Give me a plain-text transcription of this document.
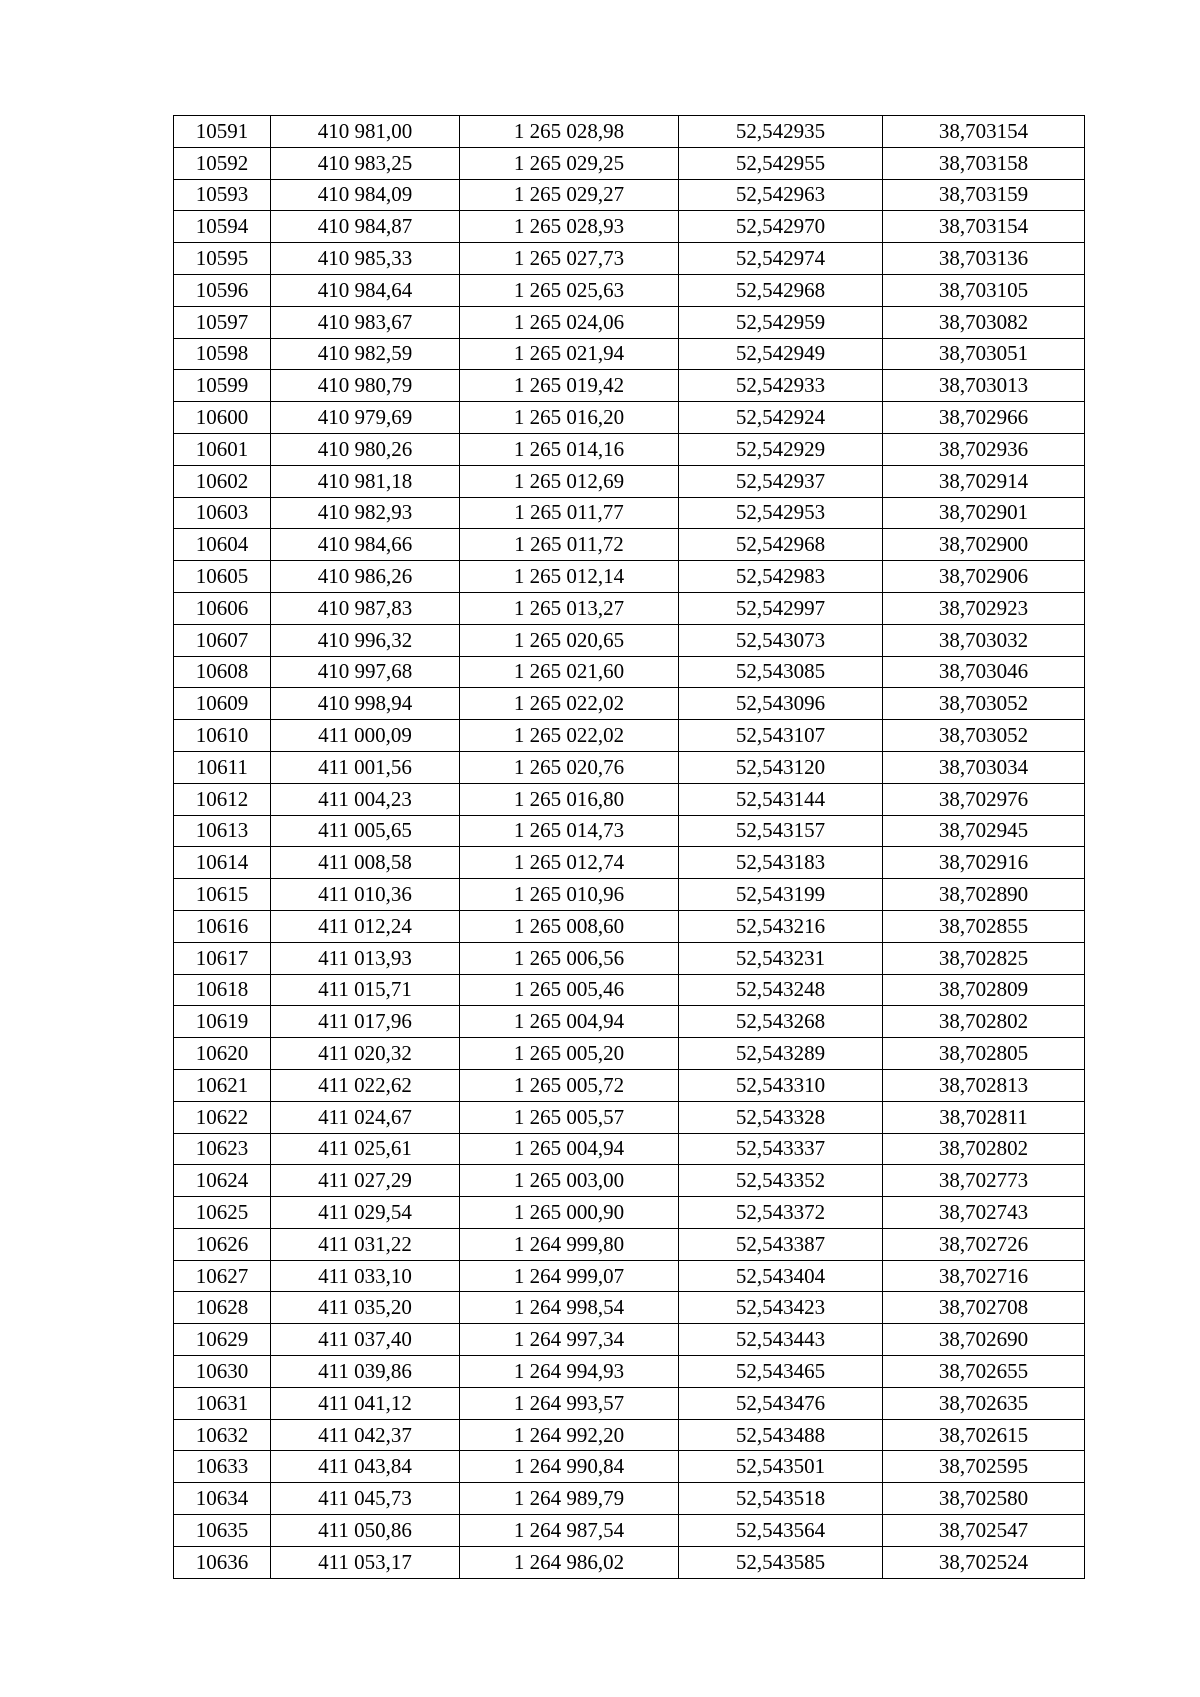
10591	410 981,00	1 265 028,98	52,542935	38,703154
10592	410 983,25	1 265 029,25	52,542955	38,703158
10593	410 984,09	1 265 029,27	52,542963	38,703159
10594	410 984,87	1 265 028,93	52,542970	38,703154
10595	410 985,33	1 265 027,73	52,542974	38,703136
10596	410 984,64	1 265 025,63	52,542968	38,703105
10597	410 983,67	1 265 024,06	52,542959	38,703082
10598	410 982,59	1 265 021,94	52,542949	38,703051
10599	410 980,79	1 265 019,42	52,542933	38,703013
10600	410 979,69	1 265 016,20	52,542924	38,702966
10601	410 980,26	1 265 014,16	52,542929	38,702936
10602	410 981,18	1 265 012,69	52,542937	38,702914
10603	410 982,93	1 265 011,77	52,542953	38,702901
10604	410 984,66	1 265 011,72	52,542968	38,702900
10605	410 986,26	1 265 012,14	52,542983	38,702906
10606	410 987,83	1 265 013,27	52,542997	38,702923
10607	410 996,32	1 265 020,65	52,543073	38,703032
10608	410 997,68	1 265 021,60	52,543085	38,703046
10609	410 998,94	1 265 022,02	52,543096	38,703052
10610	411 000,09	1 265 022,02	52,543107	38,703052
10611	411 001,56	1 265 020,76	52,543120	38,703034
10612	411 004,23	1 265 016,80	52,543144	38,702976
10613	411 005,65	1 265 014,73	52,543157	38,702945
10614	411 008,58	1 265 012,74	52,543183	38,702916
10615	411 010,36	1 265 010,96	52,543199	38,702890
10616	411 012,24	1 265 008,60	52,543216	38,702855
10617	411 013,93	1 265 006,56	52,543231	38,702825
10618	411 015,71	1 265 005,46	52,543248	38,702809
10619	411 017,96	1 265 004,94	52,543268	38,702802
10620	411 020,32	1 265 005,20	52,543289	38,702805
10621	411 022,62	1 265 005,72	52,543310	38,702813
10622	411 024,67	1 265 005,57	52,543328	38,702811
10623	411 025,61	1 265 004,94	52,543337	38,702802
10624	411 027,29	1 265 003,00	52,543352	38,702773
10625	411 029,54	1 265 000,90	52,543372	38,702743
10626	411 031,22	1 264 999,80	52,543387	38,702726
10627	411 033,10	1 264 999,07	52,543404	38,702716
10628	411 035,20	1 264 998,54	52,543423	38,702708
10629	411 037,40	1 264 997,34	52,543443	38,702690
10630	411 039,86	1 264 994,93	52,543465	38,702655
10631	411 041,12	1 264 993,57	52,543476	38,702635
10632	411 042,37	1 264 992,20	52,543488	38,702615
10633	411 043,84	1 264 990,84	52,543501	38,702595
10634	411 045,73	1 264 989,79	52,543518	38,702580
10635	411 050,86	1 264 987,54	52,543564	38,702547
10636	411 053,17	1 264 986,02	52,543585	38,702524
